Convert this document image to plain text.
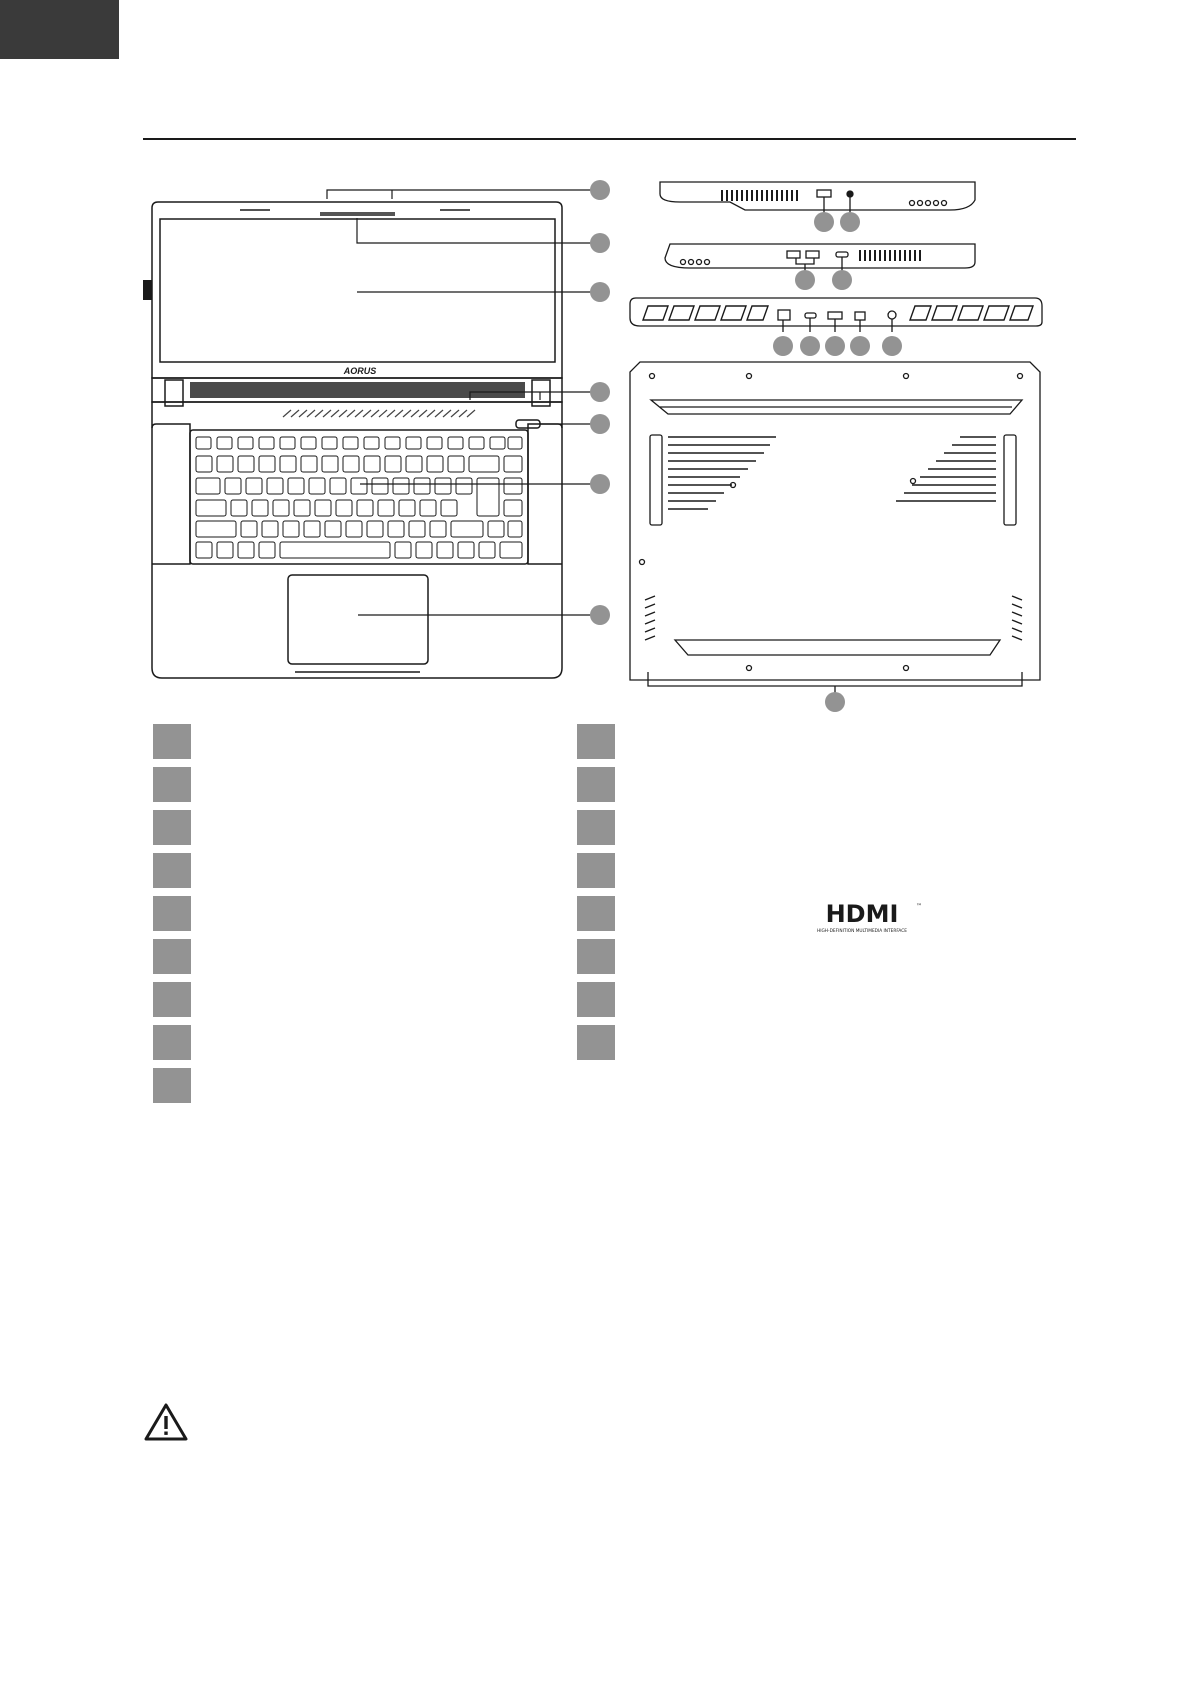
AORUS
HDMI	™
HIGH-DEFINITION MULTIMEDIA INTERFACE
